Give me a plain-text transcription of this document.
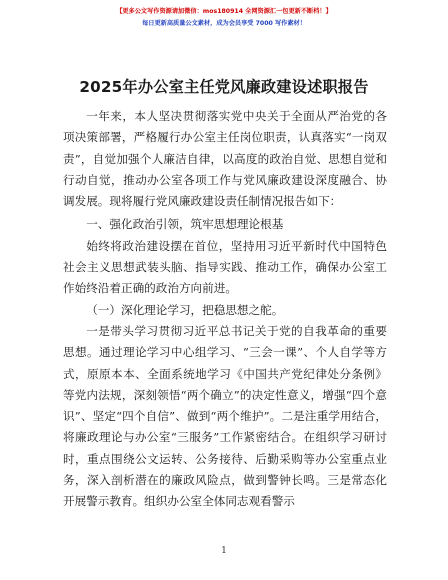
【更多公文写作资源请加微信：mos180914 全网资源汇一包更新不断档！】
每日更新高质量公文素材，成为会员享受 7000 写作素材！
2025年办公室主任党风廉政建设述职报告

一年来，本人坚决贯彻落实党中央关于全面从严治党的各项决策部署，严格履行办公室主任岗位职责，认真落实“一岗双责”，自觉加强个人廉洁自律，以高度的政治自觉、思想自觉和行动自觉，推动办公室各项工作与党风廉政建设深度融合、协调发展。现将履行党风廉政建设责任制情况报告如下：

一、强化政治引领，筑牢思想理论根基

始终将政治建设摆在首位，坚持用习近平新时代中国特色社会主义思想武装头脑、指导实践、推动工作，确保办公室工作始终沿着正确的政治方向前进。

（一）深化理论学习，把稳思想之舵。

一是带头学习贯彻习近平总书记关于党的自我革命的重要思想。通过理论学习中心组学习、“三会一课”、个人自学等方式，原原本本、全面系统地学习《中国共产党纪律处分条例》等党内法规，深刻领悟“两个确立”的决定性意义，增强“四个意识”、坚定“四个自信”、做到“两个维护”。二是注重学用结合，将廉政理论与办公室“三服务”工作紧密结合。在组织学习研讨时，重点围绕公文运转、公务接待、后勤采购等办公室重点业务，深入剖析潜在的廉政风险点，做到警钟长鸣。三是常态化开展警示教育。组织办公室全体同志观看警示

1
